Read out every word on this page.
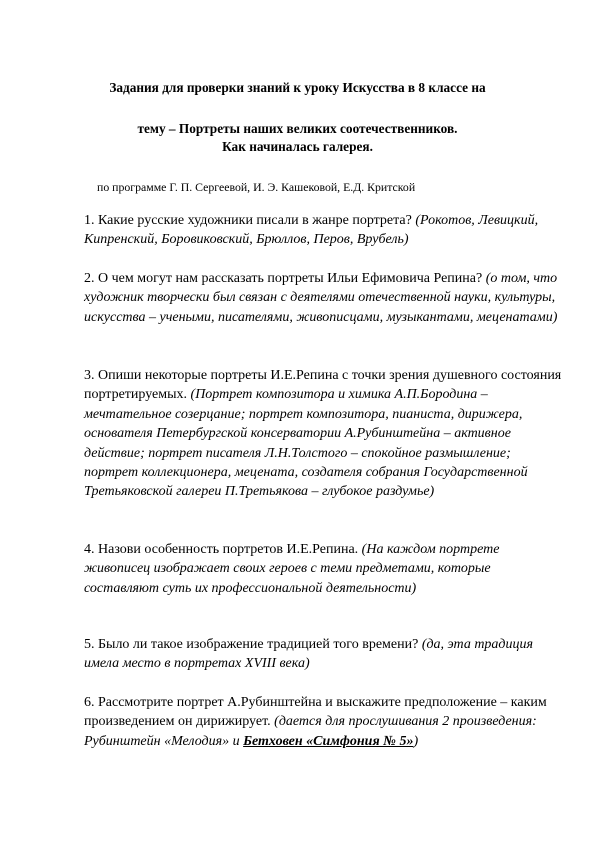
Задания для проверки знаний к уроку Искусства в 8 классе на
тему – Портреты наших великих соотечественников.
Как начиналась галерея.
по программе Г. П. Сергеевой, И. Э. Кашековой, Е.Д. Критской

1. Какие русские художники писали в жанре портрета? (Рокотов, Левицкий, Кипренский, Боровиковский, Брюллов, Перов, Врубель)

2. О чем могут нам рассказать портреты Ильи Ефимовича Репина? (о том, что художник творчески был связан с деятелями отечественной науки, культуры, искусства – учеными, писателями, живописцами, музыкантами, меценатами)

3. Опиши некоторые портреты И.Е.Репина с точки зрения душевного состояния портретируемых. (Портрет композитора и химика А.П.Бородина – мечтательное созерцание; портрет композитора, пианиста, дирижера, основателя Петербургской консерватории А.Рубинштейна – активное действие; портрет писателя Л.Н.Толстого – спокойное размышление; портрет коллекционера, мецената, создателя собрания Государственной Третьяковской галереи П.Третьякова – глубокое раздумье)

4. Назови особенность портретов И.Е.Репина. (На каждом портрете живописец изображает своих героев с теми предметами, которые составляют суть их профессиональной деятельности)

5. Было ли такое изображение традицией того времени? (да, эта традиция имела место в портретах XVIII века)

6. Рассмотрите портрет А.Рубинштейна и выскажите предположение – каким произведением он дирижирует. (дается для прослушивания 2 произведения: Рубинштейн «Мелодия» и Бетховен «Симфония № 5»)
